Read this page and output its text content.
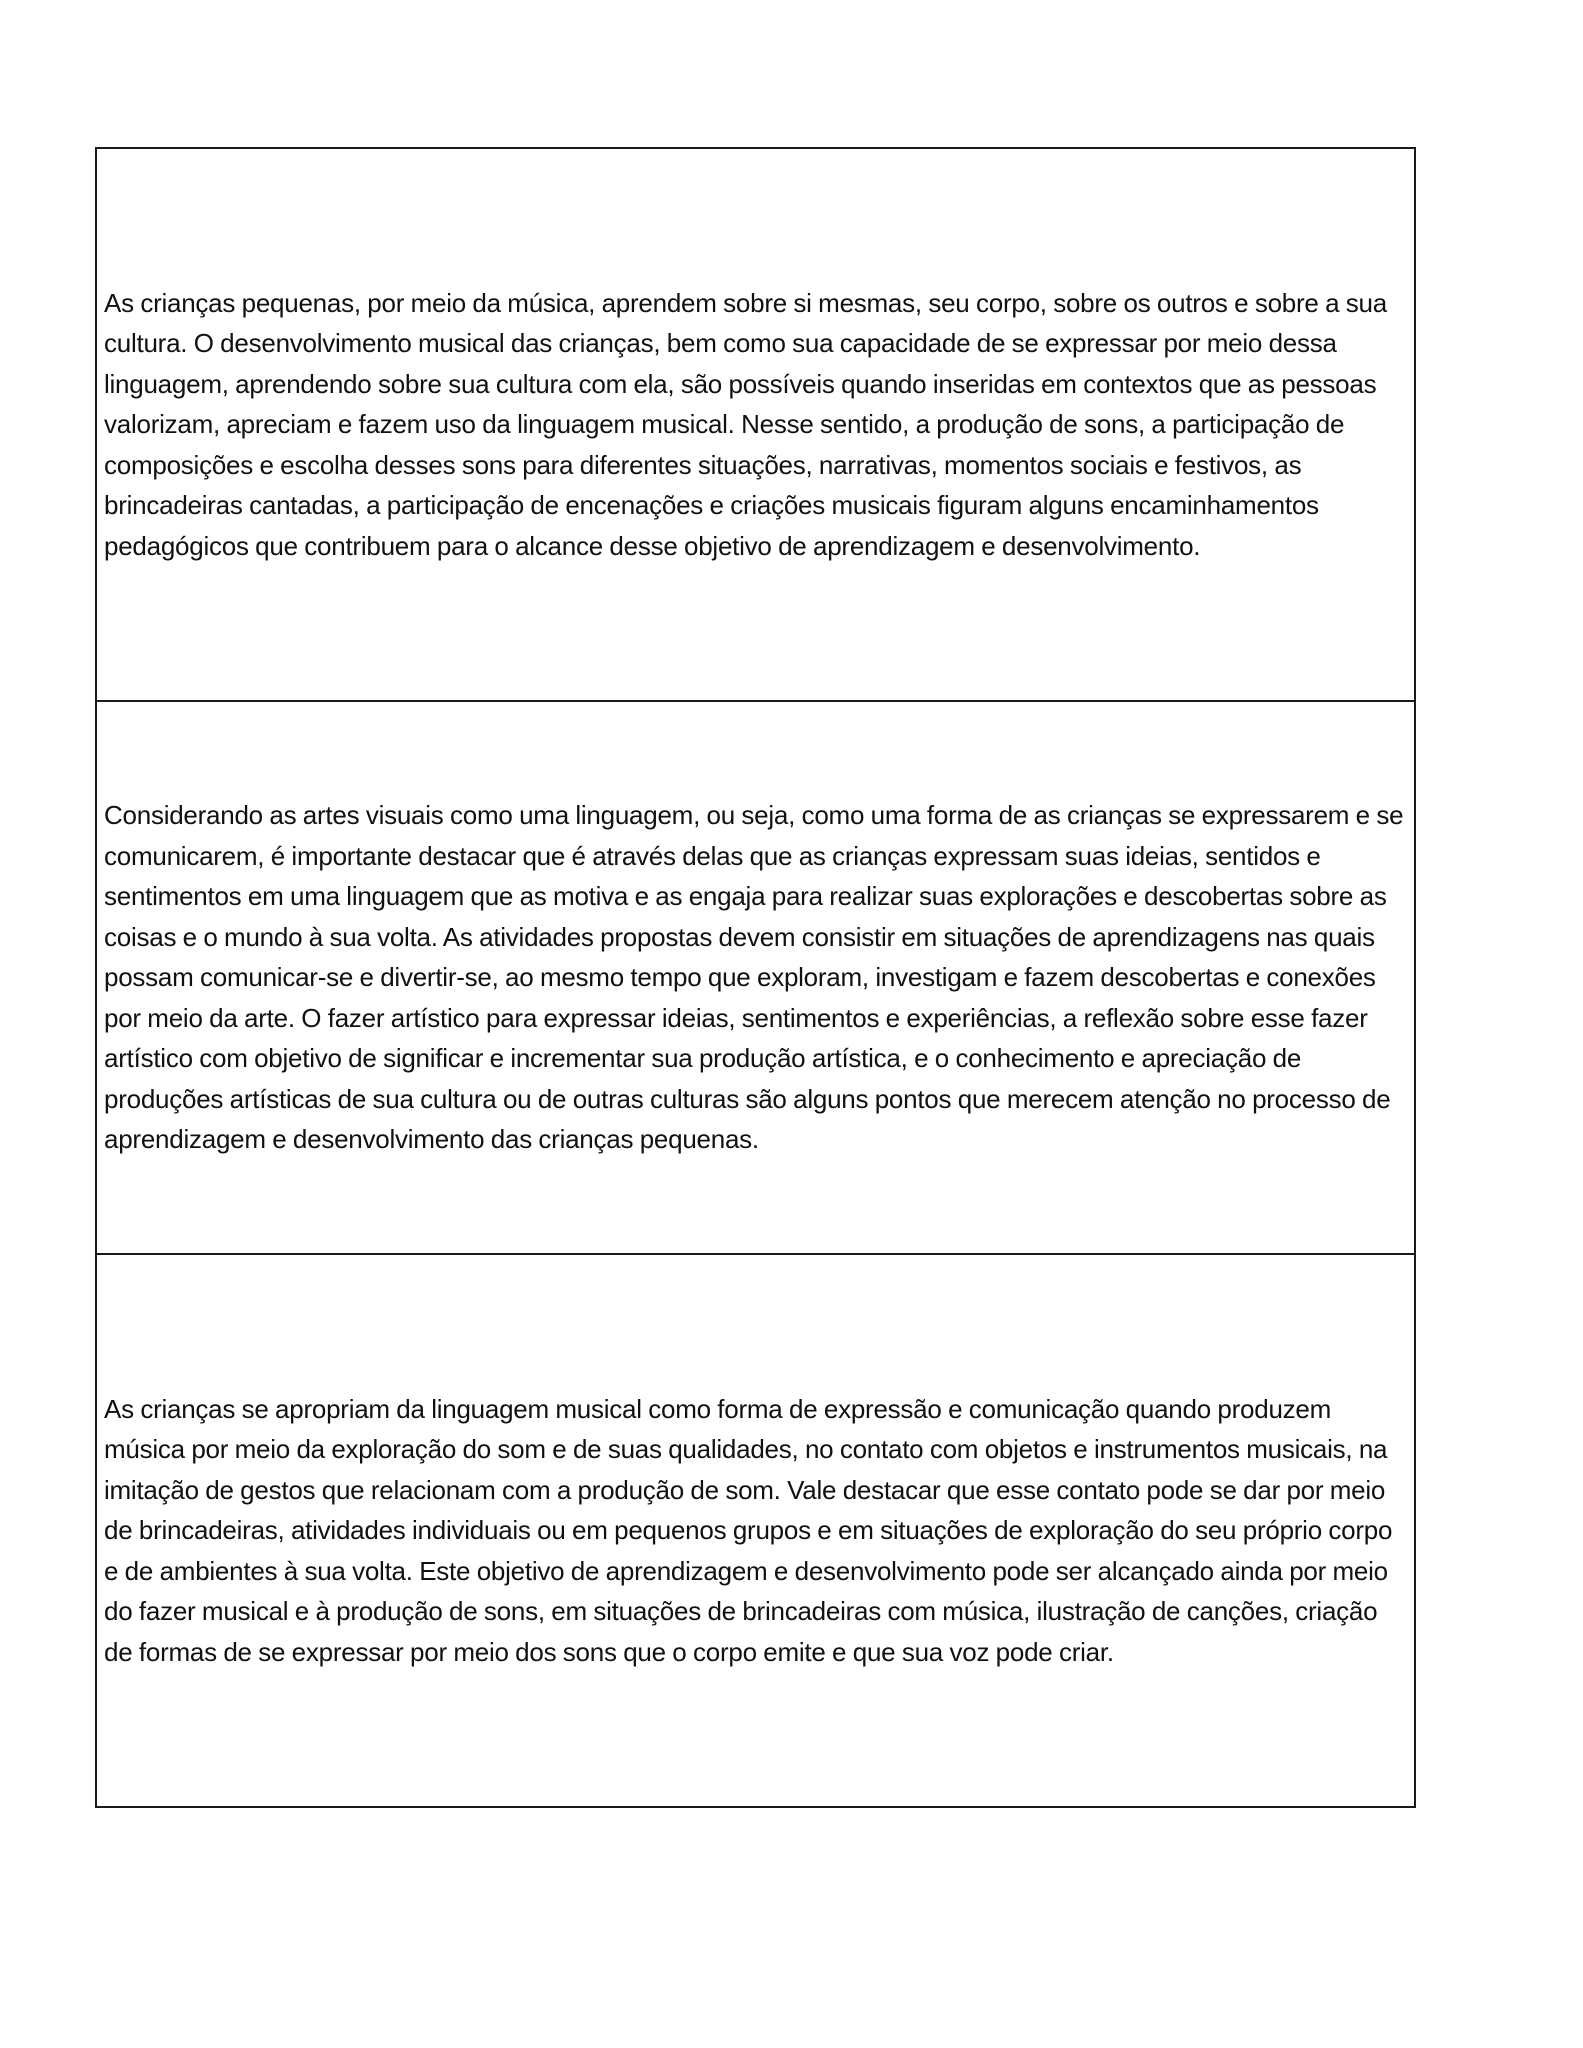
As crianças pequenas, por meio da música, aprendem sobre si mesmas, seu corpo, sobre os outros e sobre a sua cultura. O desenvolvimento musical das crianças, bem como sua capacidade de se expressar por meio dessa linguagem, aprendendo sobre sua cultura com ela, são possíveis quando inseridas em contextos que as pessoas valorizam, apreciam e fazem uso da linguagem musical. Nesse sentido, a produção de sons, a participação de composições e escolha desses sons para diferentes situações, narrativas, momentos sociais e festivos, as brincadeiras cantadas, a participação de encenações e criações musicais figuram alguns encaminhamentos pedagógicos que contribuem para o alcance desse objetivo de aprendizagem e desenvolvimento.

Considerando as artes visuais como uma linguagem, ou seja, como uma forma de as crianças se expressarem e se comunicarem, é importante destacar que é através delas que as crianças expressam suas ideias, sentidos e sentimentos em uma linguagem que as motiva e as engaja para realizar suas explorações e descobertas sobre as coisas e o mundo à sua volta. As atividades propostas devem consistir em situações de aprendizagens nas quais possam comunicar-se e divertir-se, ao mesmo tempo que exploram, investigam e fazem descobertas e conexões por meio da arte. O fazer artístico para expressar ideias, sentimentos e experiências, a reflexão sobre esse fazer artístico com objetivo de significar e incrementar sua produção artística, e o conhecimento e apreciação de produções artísticas de sua cultura ou de outras culturas são alguns pontos que merecem atenção no processo de aprendizagem e desenvolvimento das crianças pequenas.

As crianças se apropriam da linguagem musical como forma de expressão e comunicação quando produzem música por meio da exploração do som e de suas qualidades, no contato com objetos e instrumentos musicais, na imitação de gestos que relacionam com a produção de som. Vale destacar que esse contato pode se dar por meio de brincadeiras, atividades individuais ou em pequenos grupos e em situações de exploração do seu próprio corpo e de ambientes à sua volta. Este objetivo de aprendizagem e desenvolvimento pode ser alcançado ainda por meio do fazer musical e à produção de sons, em situações de brincadeiras com música, ilustração de canções, criação de formas de se expressar por meio dos sons que o corpo emite e que sua voz pode criar.
